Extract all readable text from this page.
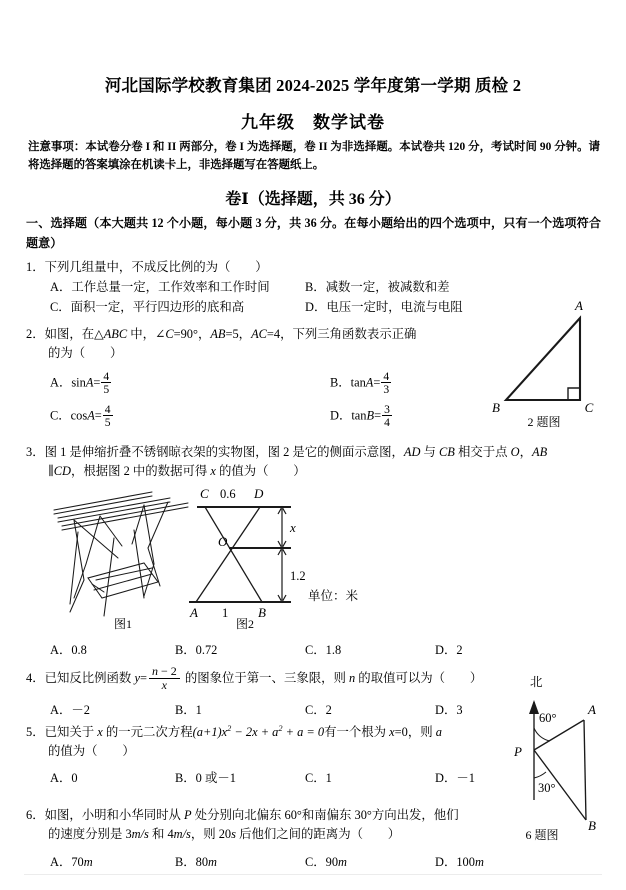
河北国际学校教育集团 2024-2025 学年度第一学期 质检 2
九年级　数学试卷
注意事项：本试卷分卷 I 和 II 两部分，卷 I 为选择题，卷 II 为非选择题。本试卷共 120 分，考试时间 90 分钟。请将选择题的答案填涂在机读卡上，非选择题写在答题纸上。
卷Ⅰ（选择题，共 36 分）
一、选择题（本大题共 12 个小题，每小题 3 分，共 36 分。在每小题给出的四个选项中，只有一个选项符合题意）
1．下列几组量中，不成反比例的为（　　）
A．工作总量一定，工作效率和工作时间	B．减数一定，被减数和差
C．面积一定，平行四边形的底和高	D．电压一定时，电流与电阻
2．如图，在△ABC 中，∠C=90°，AB=5，AC=4，下列三角函数表示正确
的为（　　）
A．$\sin A= \frac{4}{5}$	B．$\tan A= \frac{4}{3}$
C．$\cos A= \frac{4}{5}$	D．$\tan B= \frac{3}{4}$
A
B	C
2 题图
3．图 1 是伸缩折叠不锈钢晾衣架的实物图，图 2 是它的侧面示意图，AD 与 CB 相交于点 O，AB
∥CD，根据图 2 中的数据可得 x 的值为（　　）
图1
C 0.6 D
O
A 1 B
x
1.2
单位：米
图2
A．0.8	B．0.72	C．1.8	D．2
4．已知反比例函数 $y= \frac{n - 2}{x}$ 的图象位于第一、三象限，则 n 的取值可以为（　　）
A．－2	B．1	C．2	D．3
5．已知关于 x 的一元二次方程$(a+1)x^2 - 2x + a^2 + a = 0$有一个根为 x=0，则 a
的值为（　　）
A．0	B．0 或－1	C．1	D．－1
6．如图，小明和小华同时从 P 处分别向北偏东 60°和南偏东 30°方向出发，他们
的速度分别是 3m/s 和 4m/s，则 20s 后他们之间的距离为（　　）
A．70m	B．80m	C．90m	D．100m
北
P
A
B
60°
30°
6 题图
